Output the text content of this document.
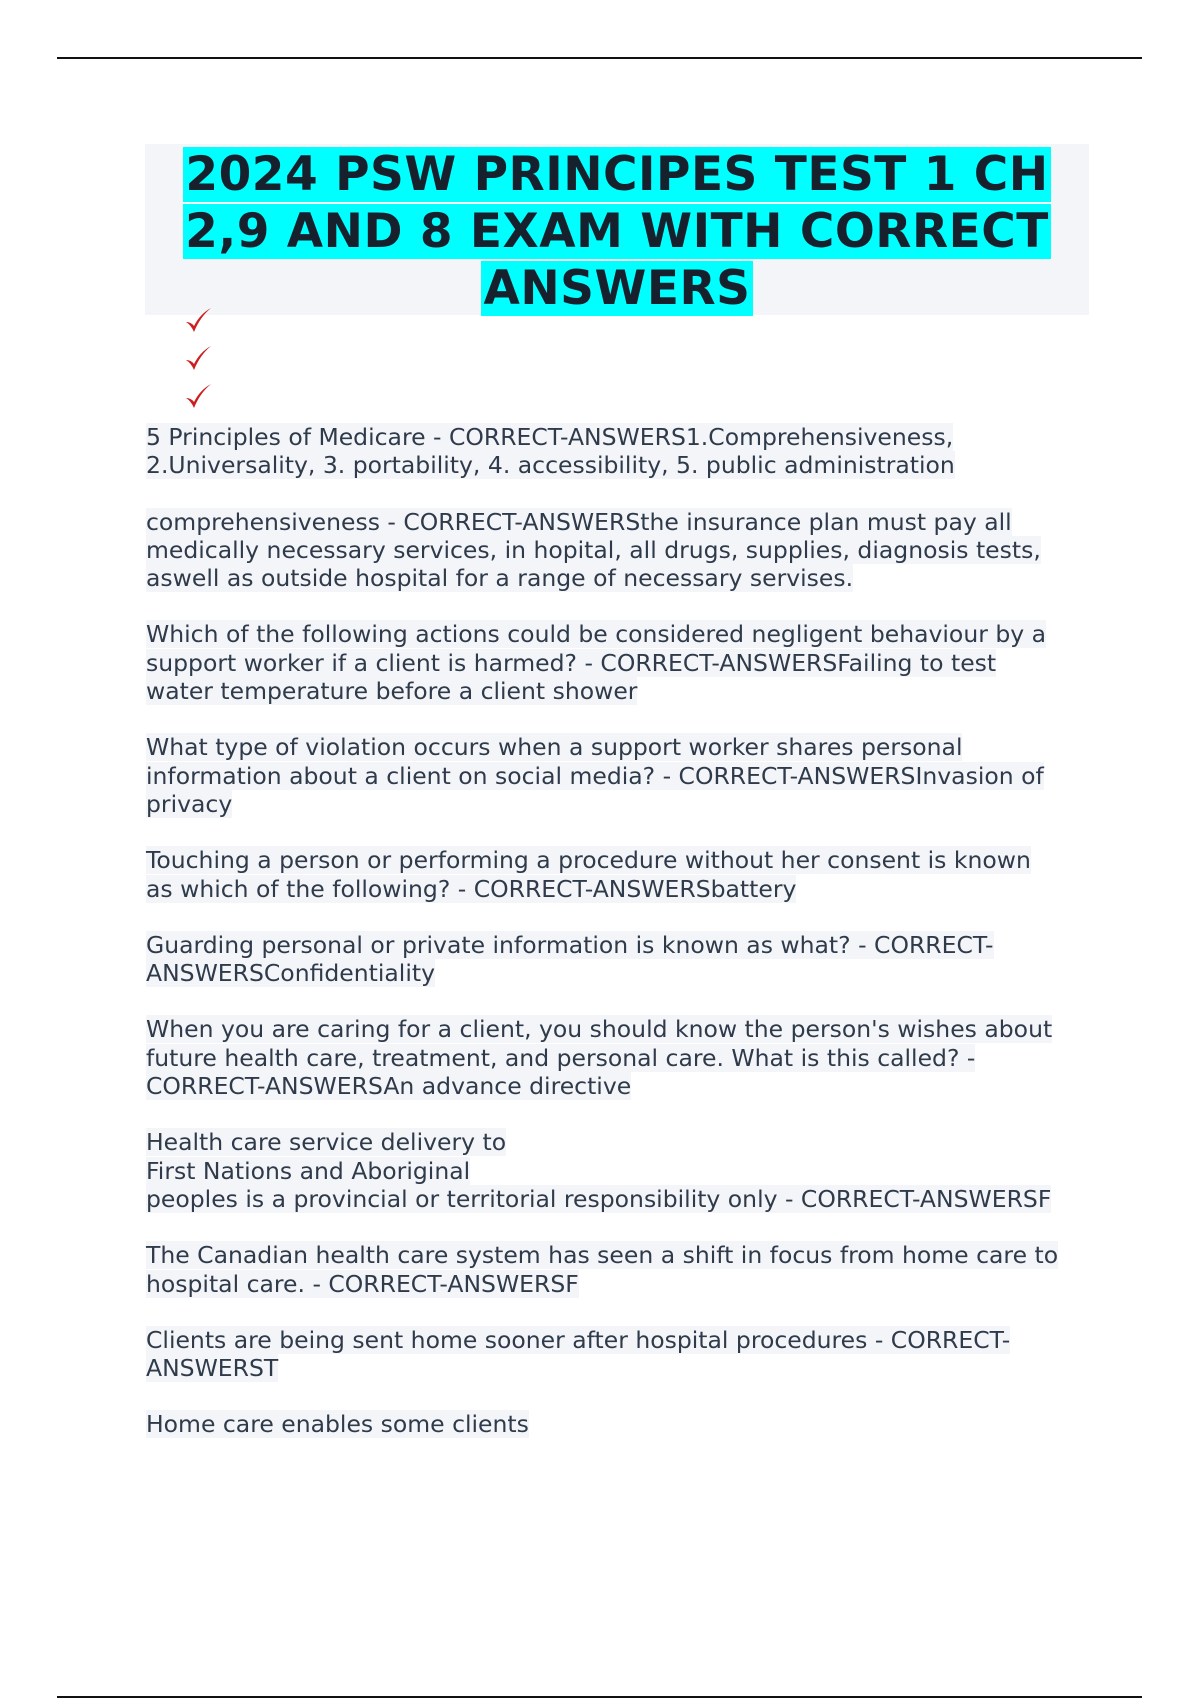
2024 PSW PRINCIPES TEST 1 CH 2,9 AND 8 EXAM WITH CORRECT ANSWERS

5 Principles of Medicare - CORRECT-ANSWERS1.Comprehensiveness,
2.Universality, 3. portability, 4. accessibility, 5. public administration

comprehensiveness - CORRECT-ANSWERSthe insurance plan must pay all
medically necessary services, in hopital, all drugs, supplies, diagnosis tests,
aswell as outside hospital for a range of necessary servises.

Which of the following actions could be considered negligent behaviour by a
support worker if a client is harmed? - CORRECT-ANSWERSFailing to test
water temperature before a client shower

What type of violation occurs when a support worker shares personal
information about a client on social media? - CORRECT-ANSWERSInvasion of
privacy

Touching a person or performing a procedure without her consent is known
as which of the following? - CORRECT-ANSWERSbattery

Guarding personal or private information is known as what? - CORRECT-
ANSWERSConfidentiality

When you are caring for a client, you should know the person's wishes about
future health care, treatment, and personal care. What is this called? -
CORRECT-ANSWERSAn advance directive

Health care service delivery to
First Nations and Aboriginal
peoples is a provincial or territorial responsibility only - CORRECT-ANSWERSF

The Canadian health care system has seen a shift in focus from home care to
hospital care. - CORRECT-ANSWERSF

Clients are being sent home sooner after hospital procedures - CORRECT-
ANSWERST

Home care enables some clients
